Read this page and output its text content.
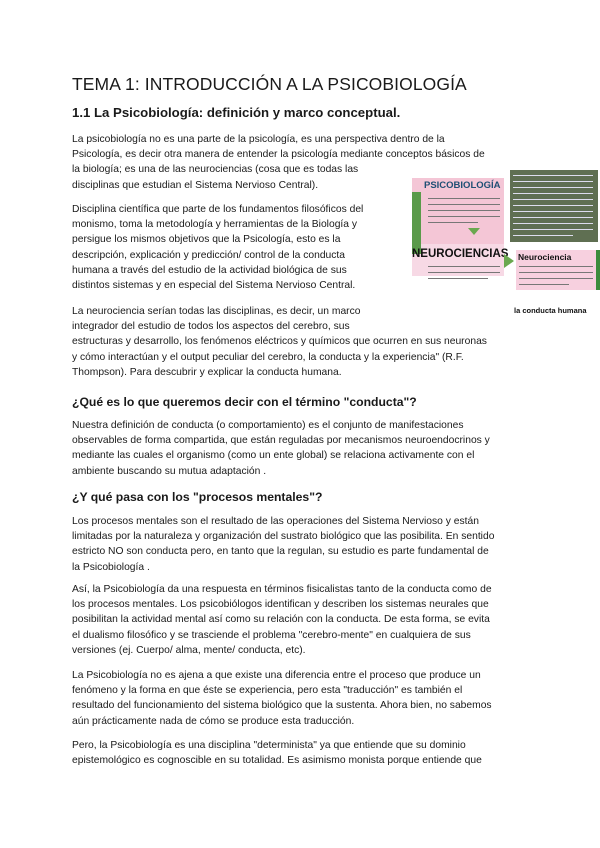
TEMA 1: INTRODUCCIÓN A LA PSICOBIOLOGÍA
1.1 La Psicobiología: definición y marco conceptual.

La psicobiología no es una parte de la psicología, es una perspectiva dentro de la

Psicología, es decir otra manera de entender la psicología mediante conceptos básicos de

la biología; es una de las neurociencias (cosa que es todas las

disciplinas que estudian el Sistema Nervioso Central).

Disciplina científica que parte de los fundamentos filosóficos del

monismo, toma la metodología y herramientas de la Biología y

persigue los mismos objetivos que la Psicología, esto es la

descripción, explicación y predicción/ control de la conducta

humana a través del estudio de la actividad biológica de sus

distintos sistemas y en especial del Sistema Nervioso Central.

La neurociencia serían todas las disciplinas, es decir, un marco

integrador del estudio de todos los aspectos del cerebro, sus

estructuras y desarrollo, los fenómenos eléctricos y químicos que ocurren en sus neuronas

y cómo interactúan y el output peculiar del cerebro, la conducta y la experiencia" (R.F.

Thompson). Para descubrir y explicar la conducta humana.

PSICOBIOLOGÍA
NEUROCIENCIAS Neurociencia
la conducta humana
¿Qué es lo que queremos decir con el término "conducta"?

Nuestra definición de conducta (o comportamiento) es el conjunto de manifestaciones

observables de forma compartida, que están reguladas por mecanismos neuroendocrinos y

mediante las cuales el organismo (como un ente global) se relaciona activamente con el

ambiente buscando su mutua adaptación .

¿Y qué pasa con los "procesos mentales"?

Los procesos mentales son el resultado de las operaciones del Sistema Nervioso y están

limitadas por la naturaleza y organización del sustrato biológico que las posibilita. En sentido

estricto NO son conducta pero, en tanto que la regulan, su estudio es parte fundamental de

la Psicobiología .

Así, la Psicobiología da una respuesta en términos fisicalistas tanto de la conducta como de

los procesos mentales. Los psicobiólogos identifican y describen los sistemas neurales que

posibilitan la actividad mental así como su relación con la conducta. De esta forma, se evita

el dualismo filosófico y se trasciende el problema "cerebro-mente" en cualquiera de sus

versiones (ej. Cuerpo/ alma, mente/ conducta, etc).

La Psicobiología no es ajena a que existe una diferencia entre el proceso que produce un

fenómeno y la forma en que éste se experiencia, pero esta "traducción" es también el

resultado del funcionamiento del sistema biológico que la sustenta. Ahora bien, no sabemos

aún prácticamente nada de cómo se produce esta traducción.

Pero, la Psicobiología es una disciplina "determinista" ya que entiende que su dominio

epistemológico es cognoscible en su totalidad. Es asimismo monista porque entiende que
